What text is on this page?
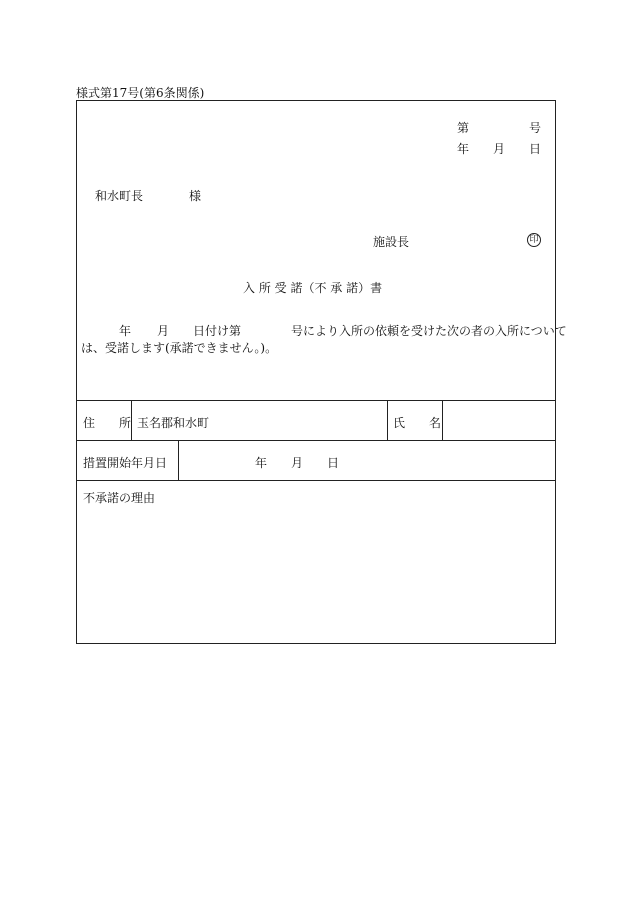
様式第17号(第6条関係)
第	号
年 月 日
和水町長	様
施設長	印
入 所 受 諾（不 承 諾）書
年 月 日付け第	号により入所の依頼を受けた次の者の入所について
は、受諾します(承諾できません。)。
住　　所 玉名郡和水町	氏　　名
措置開始年月日	年 月 日
不承諾の理由
